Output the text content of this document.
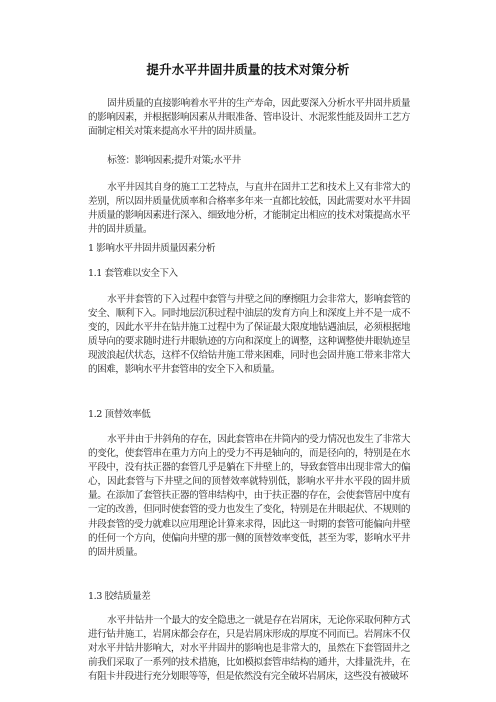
提升水平井固井质量的技术对策分析
固井质量的直接影响着水平井的生产寿命，因此要深入分析水平井固井质量的影响因素，并根据影响因素从井眼准备、管串设计、水泥浆性能及固井工艺方面制定相关对策来提高水平井的固井质量。
标签：影响因素;提升对策;水平井
水平井因其自身的施工工艺特点，与直井在固井工艺和技术上又有非常大的差别，所以固井质量优质率和合格率多年来一直都比较低，因此需要对水平井固井质量的影响因素进行深入、细致地分析，才能制定出相应的技术对策提高水平井的固井质量。
1 影响水平井固井质量因素分析
1.1 套管难以安全下入
水平井套管的下入过程中套管与井壁之间的摩擦阻力会非常大，影响套管的安全、顺利下入。同时地层沉积过程中油层的发育方向上和深度上并不是一成不变的，因此水平井在钻井施工过程中为了保证最大限度地钻遇油层，必须根据地质导向的要求随时进行井眼轨迹的方向和深度上的调整，这种调整使井眼轨迹呈现波浪起伏状态，这样不仅给钻井施工带来困难，同时也会固井施工带来非常大的困难，影响水平井套管串的安全下入和质量。
1.2 顶替效率低
水平井由于井斜角的存在，因此套管串在井筒内的受力情况也发生了非常大的变化，使套管串在重力方向上的受力不再是轴向的，而是径向的，特别是在水平段中，没有扶正器的套管几乎是躺在下井壁上的，导致套管串出现非常大的偏心，因此套管与下井壁之间的顶替效率就特别低，影响水平井水平段的固井质量。在添加了套管扶正器的管串结构中，由于扶正器的存在，会使套管居中度有一定的改善，但同时使套管的受力也发生了变化，特别是在井眼起伏、不规则的井段套管的受力就难以应用理论计算来求得，因此这一时期的套管可能偏向井壁的任何一个方向，使偏向井壁的那一侧的顶替效率变低，甚至为零，影响水平井的固井质量。
1.3 胶结质量差
水平井钻井一个最大的安全隐患之一就是存在岩屑床，无论你采取何种方式进行钻井施工，岩屑床都会存在，只是岩屑床形成的厚度不同而已。岩屑床不仅对水平井钻井影响大，对水平井固井的影响也是非常大的，虽然在下套管固井之前我们采取了一系列的技术措施，比如模拟套管串结构的通井，大排量洗井，在有阻卡井段进行充分划眼等等，但是依然没有完全破坏岩屑床，这些没有被破坏
